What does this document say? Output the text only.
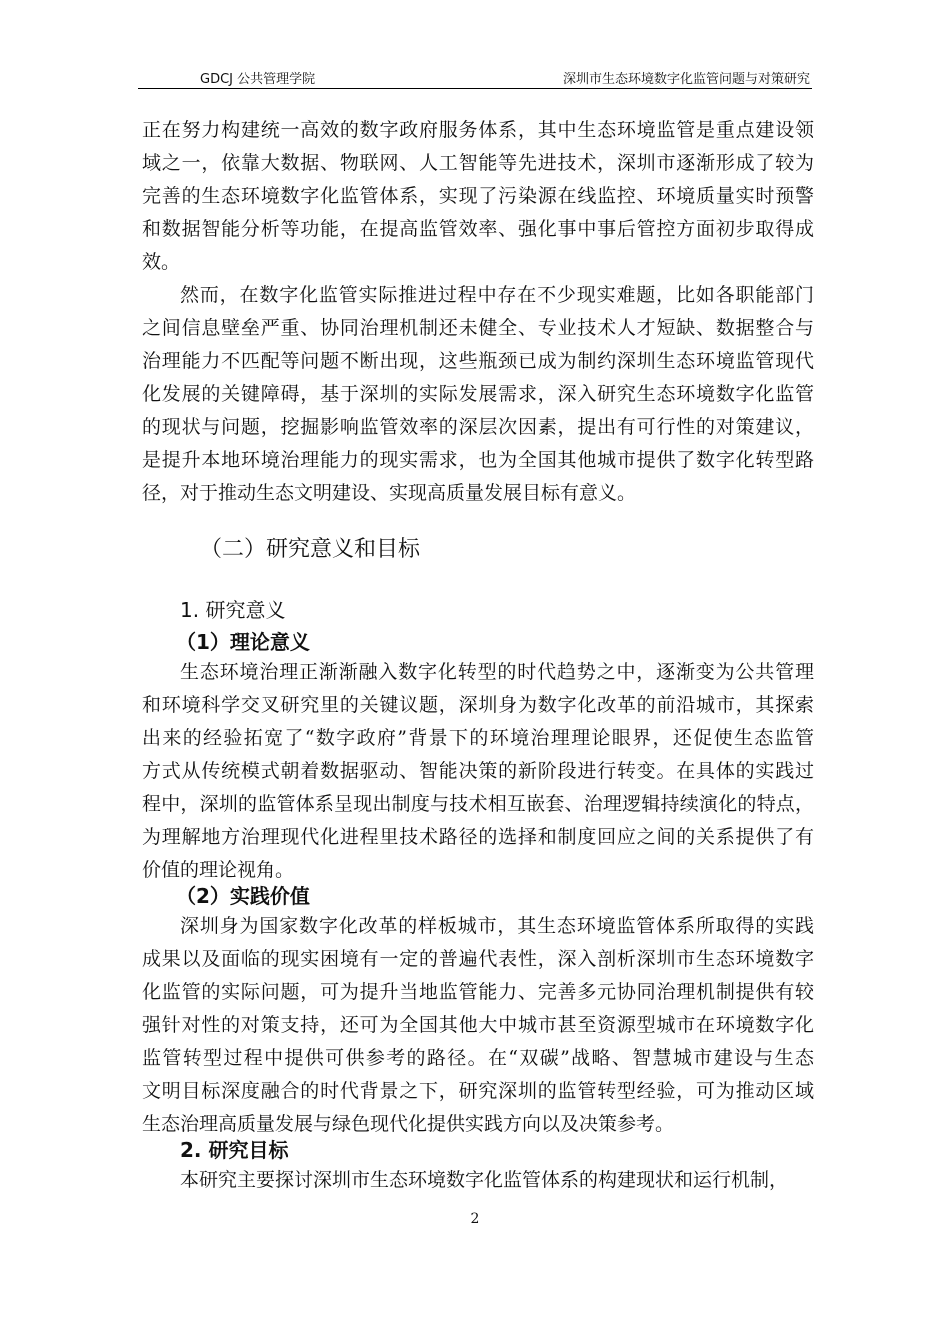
GDCJ 公共管理学院	深圳市生态环境数字化监管问题与对策研究
正在努力构建统一高效的数字政府服务体系，其中生态环境监管是重点建设领
域之一，依靠大数据、物联网、人工智能等先进技术，深圳市逐渐形成了较为
完善的生态环境数字化监管体系，实现了污染源在线监控、环境质量实时预警
和数据智能分析等功能，在提高监管效率、强化事中事后管控方面初步取得成
效。
然而，在数字化监管实际推进过程中存在不少现实难题，比如各职能部门
之间信息壁垒严重、协同治理机制还未健全、专业技术人才短缺、数据整合与
治理能力不匹配等问题不断出现，这些瓶颈已成为制约深圳生态环境监管现代
化发展的关键障碍，基于深圳的实际发展需求，深入研究生态环境数字化监管
的现状与问题，挖掘影响监管效率的深层次因素，提出有可行性的对策建议，
是提升本地环境治理能力的现实需求，也为全国其他城市提供了数字化转型路
径，对于推动生态文明建设、实现高质量发展目标有意义。
（二）研究意义和目标
1. 研究意义
（1）理论意义
生态环境治理正渐渐融入数字化转型的时代趋势之中，逐渐变为公共管理
和环境科学交叉研究里的关键议题，深圳身为数字化改革的前沿城市，其探索
出来的经验拓宽了“数字政府”背景下的环境治理理论眼界，还促使生态监管
方式从传统模式朝着数据驱动、智能决策的新阶段进行转变。在具体的实践过
程中，深圳的监管体系呈现出制度与技术相互嵌套、治理逻辑持续演化的特点，
为理解地方治理现代化进程里技术路径的选择和制度回应之间的关系提供了有
价值的理论视角。
（2）实践价值
深圳身为国家数字化改革的样板城市，其生态环境监管体系所取得的实践
成果以及面临的现实困境有一定的普遍代表性，深入剖析深圳市生态环境数字
化监管的实际问题，可为提升当地监管能力、完善多元协同治理机制提供有较
强针对性的对策支持，还可为全国其他大中城市甚至资源型城市在环境数字化
监管转型过程中提供可供参考的路径。在“双碳”战略、智慧城市建设与生态
文明目标深度融合的时代背景之下，研究深圳的监管转型经验，可为推动区域
生态治理高质量发展与绿色现代化提供实践方向以及决策参考。
2. 研究目标
本研究主要探讨深圳市生态环境数字化监管体系的构建现状和运行机制，
2
